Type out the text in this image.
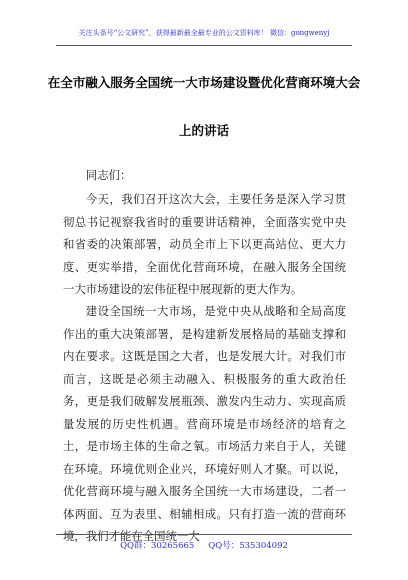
关注头条号“公文研究”，获得最新最全最专业的公文资料库！ 微信：gongwenyj
在全市融入服务全国统一大市场建设暨优化营商环境大会
上的讲话

同志们：

今天，我们召开这次大会，主要任务是深入学习贯彻总书记视察我省时的重要讲话精神，全面落实党中央和省委的决策部署，动员全市上下以更高站位、更大力度、更实举措，全面优化营商环境，在融入服务全国统一大市场建设的宏伟征程中展现新的更大作为。

建设全国统一大市场，是党中央从战略和全局高度作出的重大决策部署，是构建新发展格局的基础支撑和内在要求。这既是国之大者，也是发展大计。对我们市而言，这既是必须主动融入、积极服务的重大政治任务，更是我们破解发展瓶颈、激发内生动力、实现高质量发展的历史性机遇。营商环境是市场经济的培育之土，是市场主体的生命之氧。市场活力来自于人，关键在环境。环境优则企业兴，环境好则人才聚。可以说，优化营商环境与融入服务全国统一大市场建设，二者一体两面、互为表里、相辅相成。只有打造一流的营商环境，我们才能在全国统一大

QQ群：30265665 QQ号：535304092
